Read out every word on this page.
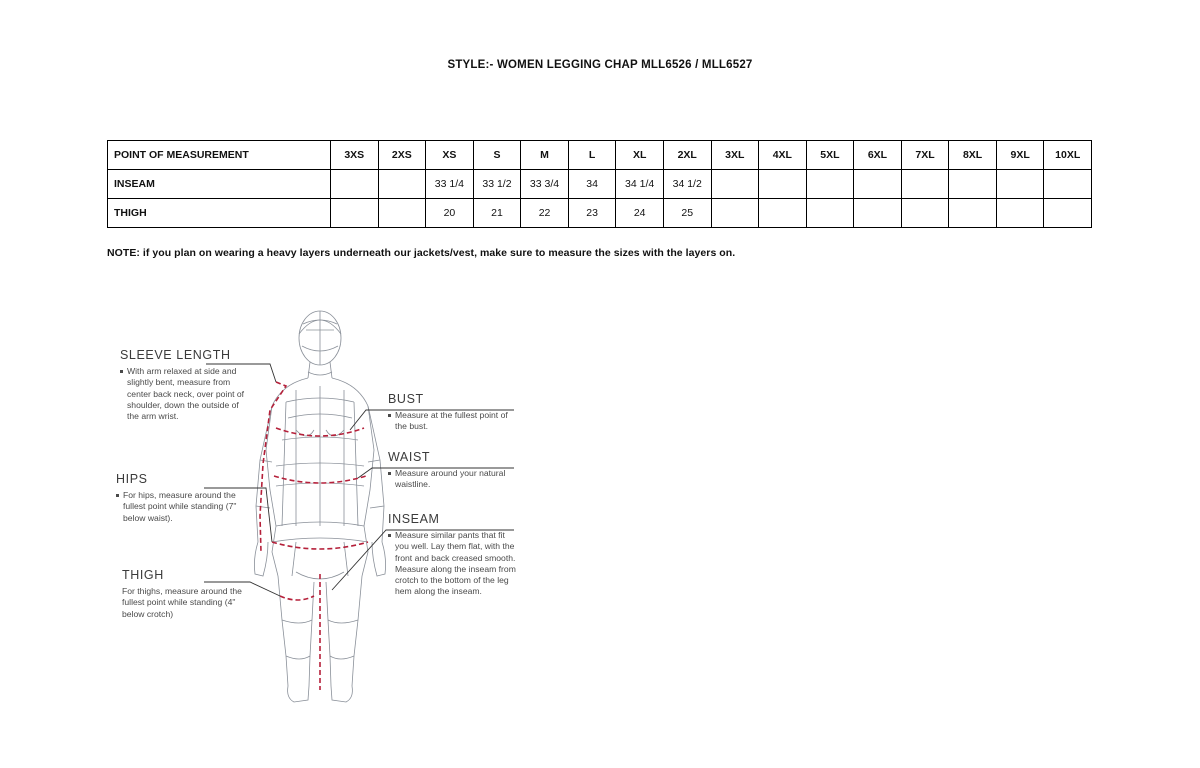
STYLE:- WOMEN LEGGING CHAP MLL6526 / MLL6527
POINT OF MEASUREMENT	3XS	2XS	XS	S	M	L	XL	2XL	3XL	4XL	5XL	6XL	7XL	8XL	9XL	10XL
INSEAM			33 1/4	33 1/2	33 3/4	34	34 1/4	34 1/2								
THIGH			20	21	22	23	24	25								
NOTE: if you plan on wearing a heavy layers underneath our jackets/vest, make sure to measure the sizes with the layers on.
SLEEVE LENGTH
With arm relaxed at side and slightly bent, measure from center back neck, over point of shoulder, down the outside of the arm wrist.
HIPS
For hips, measure around the fullest point while standing (7" below waist).
THIGH
For thighs, measure around the fullest point while standing (4" below crotch)
BUST
Measure at the fullest point of the bust.
WAIST
Measure around your natural waistline.
INSEAM
Measure similar pants that fit you well. Lay them flat, with the front and back creased smooth. Measure along the inseam from crotch to the bottom of the leg hem along the inseam.
